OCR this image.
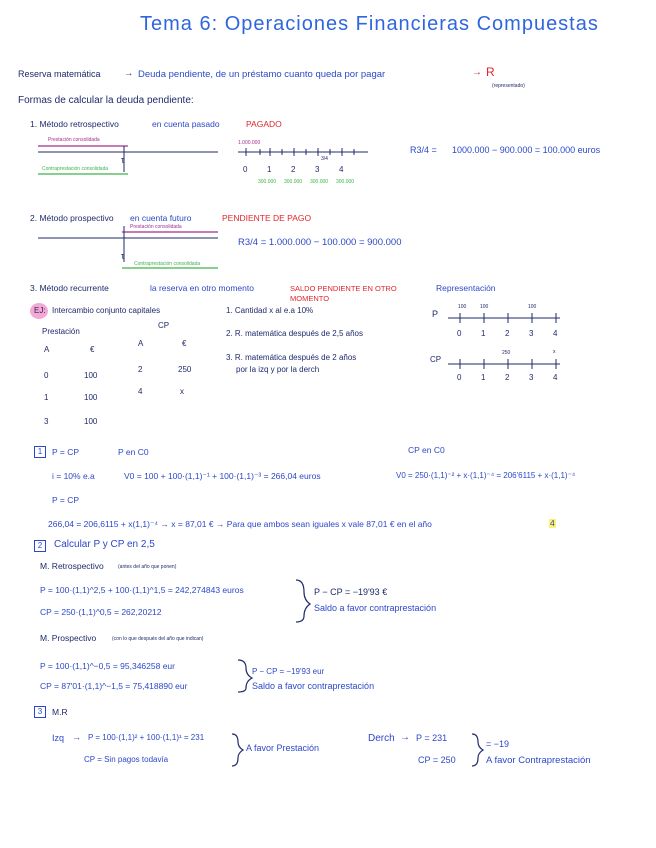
Tema 6: Operaciones Financieras Compuestas
Reserva matemática → Deuda pendiente, de un préstamo cuanto queda por pagar	→ R
(representado)
Formas de calcular la deuda pendiente:
1. Método retrospectivo	en cuenta pasado	PAGADO
Prestación consolidada
τ
Contraprestación consolidada
1.000.000
0 1 2 3 4
3/4
300.000 300.000 300.000 300.000
R3/4 = 1000.000 − 900.000 = 100.000 euros
2. Método prospectivo en cuenta futuro	PENDIENTE DE PAGO
Prestación consolidada
τ
Contraprestación consolidada
R3/4 = 1.000.000 − 100.000 = 900.000
3. Método recurrente	la reserva en otro momento	SALDO PENDIENTE EN OTRO MOMENTO
Representación
EJ: Intercambio conjunto capitales
CP
Prestación
A	€
A	€
0	100
1	100
3	100
2	250
4	x
1. Cantidad x al e.a 10%
2. R. matemática después de 2,5 años
3. R. matemática después de 2 años
por la izq y por la derch
P
100	100	100
0 1 2 3 4
CP
250	x
0 1 2 3 4
1	P = CP	P en C0	CP en C0
i = 10% e.a	V0 = 100 + 100·(1,1)⁻¹ + 100·(1,1)⁻³ = 266,04 euros	V0 = 250·(1,1)⁻² + x·(1,1)⁻⁴ = 206'6115 + x·(1,1)⁻⁴
P = CP
266,04 = 206,6115 + x(1,1)⁻⁴ → x = 87,01 € → Para que ambos sean iguales x vale 87,01 € en el año	4
2	Calcular P y CP en 2,5
M. Retrospectivo	(antes del año que ponen)
P = 100·(1,1)^2,5 + 100·(1,1)^1,5 = 242,274843 euros
CP = 250·(1,1)^0,5 = 262,20212
P − CP = −19'93 €
Saldo a favor contraprestación
M. Prospectivo	(con lo que después del año que indican)
P = 100·(1,1)^−0,5 = 95,346258 eur
CP = 87'01·(1,1)^−1,5 = 75,418890 eur
P − CP = −19'93 eur
Saldo a favor contraprestación
3	M.R
Izq → P = 100·(1,1)² + 100·(1,1)¹ = 231
CP = Sin pagos todavía
A favor Prestación
Derch → P = 231
CP = 250
= −19
A favor Contraprestación
